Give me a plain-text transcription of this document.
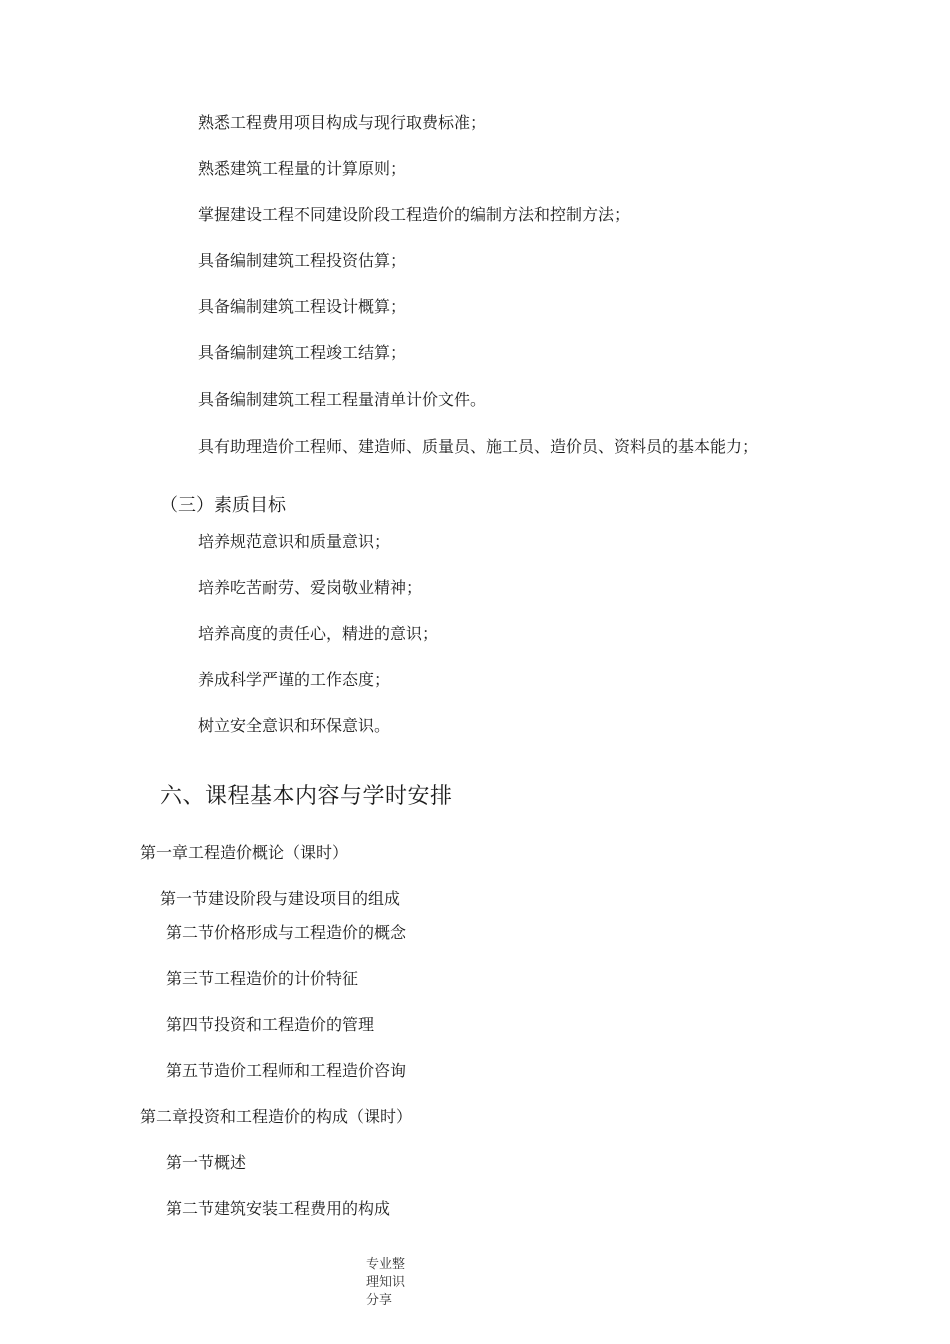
熟悉工程费用项目构成与现行取费标准；
熟悉建筑工程量的计算原则；
掌握建设工程不同建设阶段工程造价的编制方法和控制方法；
具备编制建筑工程投资估算；
具备编制建筑工程设计概算；
具备编制建筑工程竣工结算；
具备编制建筑工程工程量清单计价文件。
具有助理造价工程师、建造师、质量员、施工员、造价员、资料员的基本能力；
（三）素质目标
培养规范意识和质量意识；
培养吃苦耐劳、爱岗敬业精神；
培养高度的责任心，精进的意识；
养成科学严谨的工作态度；
树立安全意识和环保意识。
六、课程基本内容与学时安排
第一章工程造价概论（课时）
第一节建设阶段与建设项目的组成
第二节价格形成与工程造价的概念
第三节工程造价的计价特征
第四节投资和工程造价的管理
第五节造价工程师和工程造价咨询
第二章投资和工程造价的构成（课时）
第一节概述
第二节建筑安装工程费用的构成
专业整理知识分享
